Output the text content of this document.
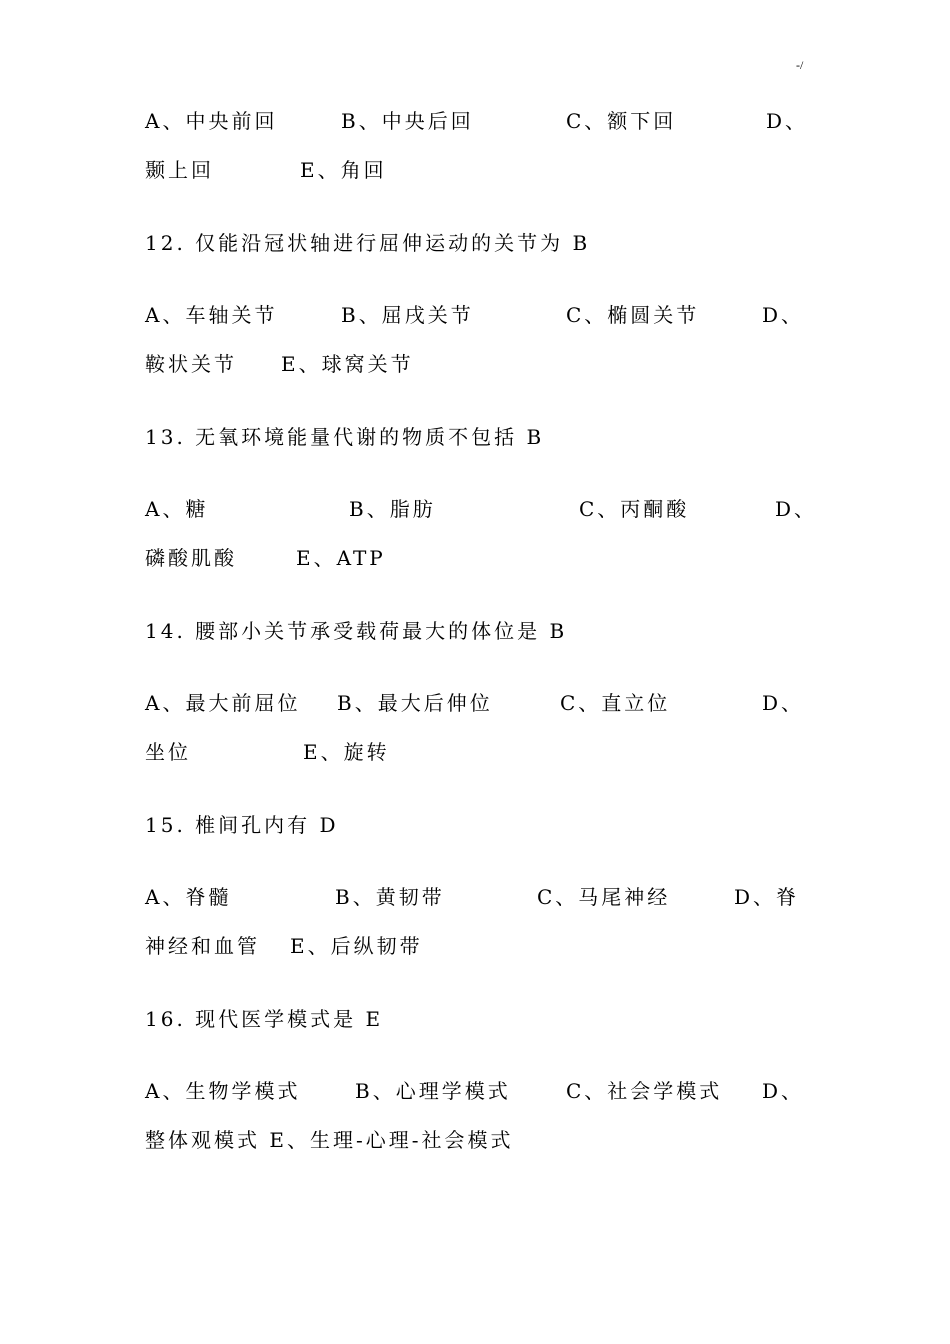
-/

A、中央前回

	B、中央后回

	C、额下回

	D、

颞上回

	E、角回

12. 仅能沿冠状轴进行屈伸运动的关节为 B

A、车轴关节

	B、屈戌关节

	C、椭圆关节

	D、

鞍状关节

E、球窝关节

13. 无氧环境能量代谢的物质不包括 B

A、糖

	B、脂肪

	C、丙酮酸

	D、

磷酸肌酸

	E、ATP

14. 腰部小关节承受载荷最大的体位是 B

A、最大前屈位

B、最大后伸位

	C、直立位

	D、

坐位

	E、旋转

15. 椎间孔内有 D

A、脊髓

	B、黄韧带

	C、马尾神经

	D、脊

神经和血管

E、后纵韧带

16. 现代医学模式是 E

A、生物学模式

	B、心理学模式

	C、社会学模式

D、

整体观模式 E、生理-心理-社会模式
